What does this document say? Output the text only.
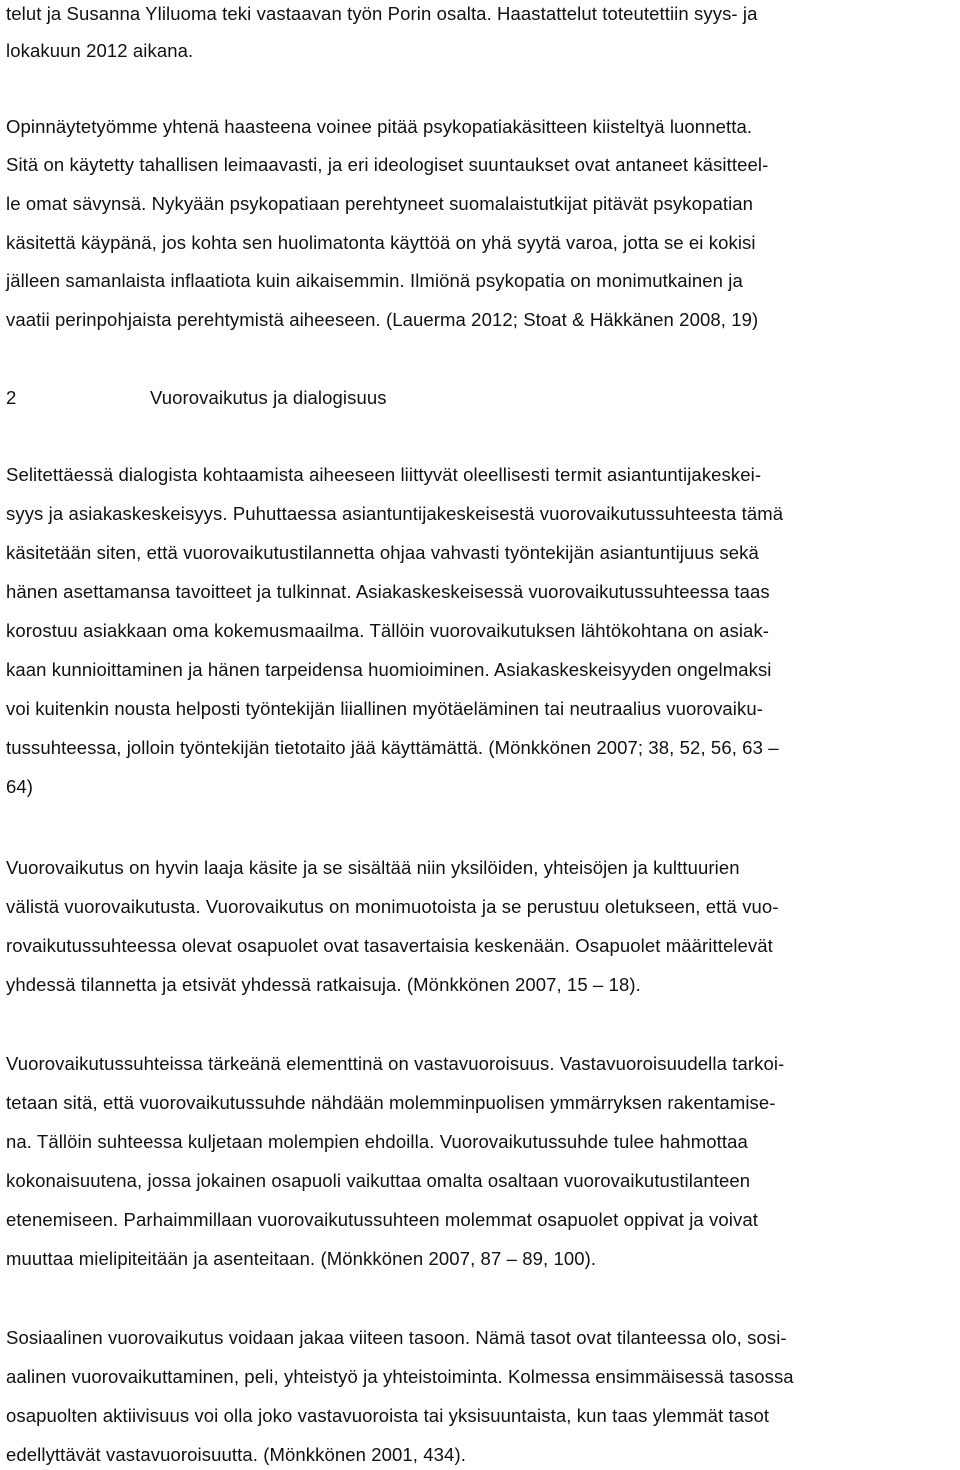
telut ja Susanna Yliluoma teki vastaavan työn Porin osalta. Haastattelut toteutettiin syys- ja
lokakuun 2012 aikana.
Opinnäytetyömme yhtenä haasteena voinee pitää psykopatiakäsitteen kiisteltyä luonnetta.
Sitä on käytetty tahallisen leimaavasti, ja eri ideologiset suuntaukset ovat antaneet käsitteel-
le omat sävynsä. Nykyään psykopatiaan perehtyneet suomalaistutkijat pitävät psykopatian
käsitettä käypänä, jos kohta sen huolimatonta käyttöä on yhä syytä varoa, jotta se ei kokisi
jälleen samanlaista inflaatiota kuin aikaisemmin. Ilmiönä psykopatia on monimutkainen ja
vaatii perinpohjaista perehtymistä aiheeseen. (Lauerma 2012; Stoat & Häkkänen 2008, 19)
2	Vuorovaikutus ja dialogisuus
Selitettäessä dialogista kohtaamista aiheeseen liittyvät oleellisesti termit asiantuntijakeskei-
syys ja asiakaskeskeisyys. Puhuttaessa asiantuntijakeskeisestä vuorovaikutussuhteesta tämä
käsitetään siten, että vuorovaikutustilannetta ohjaa vahvasti työntekijän asiantuntijuus sekä
hänen asettamansa tavoitteet ja tulkinnat. Asiakaskeskeisessä vuorovaikutussuhteessa taas
korostuu asiakkaan oma kokemusmaailma. Tällöin vuorovaikutuksen lähtökohtana on asiak-
kaan kunnioittaminen ja hänen tarpeidensa huomioiminen. Asiakaskeskeisyyden ongelmaksi
voi kuitenkin nousta helposti työntekijän liiallinen myötäeläminen tai neutraalius vuorovaiku-
tussuhteessa, jolloin työntekijän tietotaito jää käyttämättä. (Mönkkönen 2007; 38, 52, 56, 63 –
64)
Vuorovaikutus on hyvin laaja käsite ja se sisältää niin yksilöiden, yhteisöjen ja kulttuurien
välistä vuorovaikutusta. Vuorovaikutus on monimuotoista ja se perustuu oletukseen, että vuo-
rovaikutussuhteessa olevat osapuolet ovat tasavertaisia keskenään. Osapuolet määrittelevät
yhdessä tilannetta ja etsivät yhdessä ratkaisuja. (Mönkkönen 2007, 15 – 18).
Vuorovaikutussuhteissa tärkeänä elementtinä on vastavuoroisuus. Vastavuoroisuudella tarkoi-
tetaan sitä, että vuorovaikutussuhde nähdään molemminpuolisen ymmärryksen rakentamise-
na. Tällöin suhteessa kuljetaan molempien ehdoilla. Vuorovaikutussuhde tulee hahmottaa
kokonaisuutena, jossa jokainen osapuoli vaikuttaa omalta osaltaan vuorovaikutustilanteen
etenemiseen. Parhaimmillaan vuorovaikutussuhteen molemmat osapuolet oppivat ja voivat
muuttaa mielipiteitään ja asenteitaan. (Mönkkönen 2007, 87 – 89, 100).
Sosiaalinen vuorovaikutus voidaan jakaa viiteen tasoon. Nämä tasot ovat tilanteessa olo, sosi-
aalinen vuorovaikuttaminen, peli, yhteistyö ja yhteistoiminta. Kolmessa ensimmäisessä tasossa
osapuolten aktiivisuus voi olla joko vastavuoroista tai yksisuuntaista, kun taas ylemmät tasot
edellyttävät vastavuoroisuutta. (Mönkkönen 2001, 434).
